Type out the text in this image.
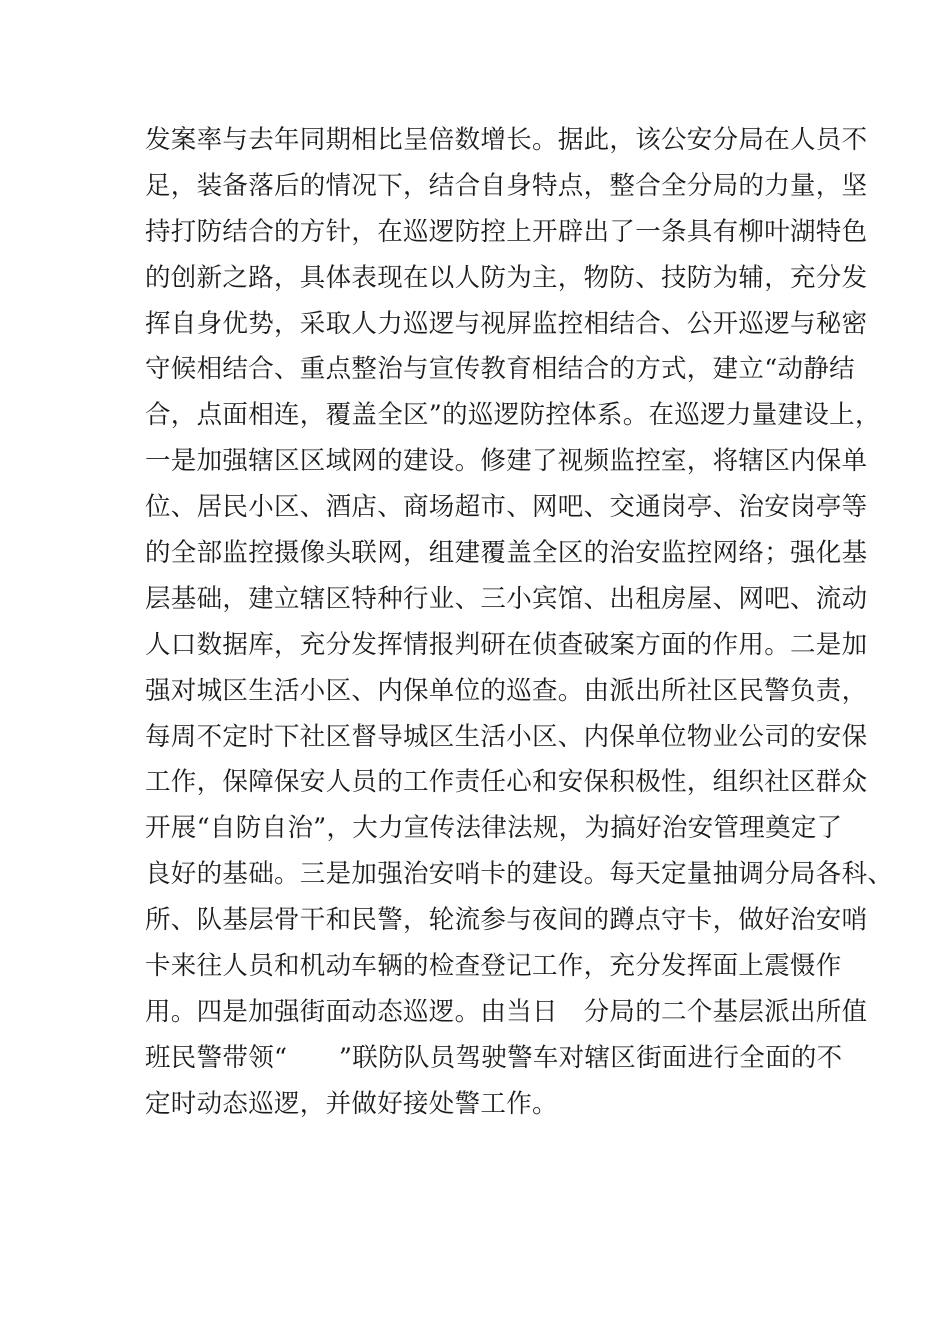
发案率与去年同期相比呈倍数增长。据此，该公安分局在人员不
足，装备落后的情况下，结合自身特点，整合全分局的力量，坚
持打防结合的方针，在巡逻防控上开辟出了一条具有柳叶湖特色
的创新之路，具体表现在以人防为主，物防、技防为辅，充分发
挥自身优势，采取人力巡逻与视屏监控相结合、公开巡逻与秘密
守候相结合、重点整治与宣传教育相结合的方式，建立“动静结
合，点面相连，覆盖全区”的巡逻防控体系。在巡逻力量建设上，
一是加强辖区区域网的建设。修建了视频监控室，将辖区内保单
位、居民小区、酒店、商场超市、网吧、交通岗亭、治安岗亭等
的全部监控摄像头联网，组建覆盖全区的治安监控网络；强化基
层基础，建立辖区特种行业、三小宾馆、出租房屋、网吧、流动
人口数据库，充分发挥情报判研在侦查破案方面的作用。二是加
强对城区生活小区、内保单位的巡查。由派出所社区民警负责，
每周不定时下社区督导城区生活小区、内保单位物业公司的安保
工作，保障保安人员的工作责任心和安保积极性，组织社区群众
开展“自防自治”，大力宣传法律法规，为搞好治安管理奠定了
良好的基础。三是加强治安哨卡的建设。每天定量抽调分局各科、
所、队基层骨干和民警，轮流参与夜间的蹲点守卡，做好治安哨
卡来往人员和机动车辆的检查登记工作，充分发挥面上震慑作
用。四是加强街面动态巡逻。由当日　分局的二个基层派出所值
班民警带领“　　”联防队员驾驶警车对辖区街面进行全面的不
定时动态巡逻，并做好接处警工作。
